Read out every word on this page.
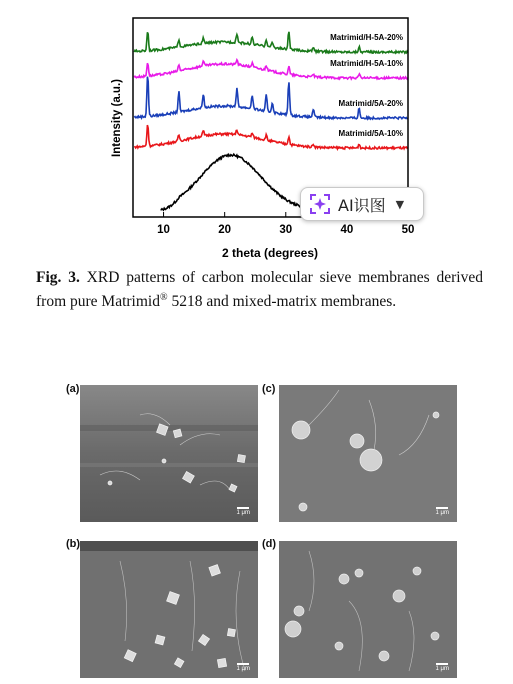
10	20	30	40	50
Matrimid/5A-10%
Matrimid/5A-20%
Matrimid/H-5A-10%
Matrimid/H-5A-20%
Intensity (a.u.)
2 theta (degrees)
AI识图 ▼

Fig. 3. XRD patterns of carbon molecular sieve membranes derived from pure Matrimid® 5218 and mixed-matrix membranes.

(a)
1 μm
(c)
1 μm
(b)
1 μm
(d)
1 μm
